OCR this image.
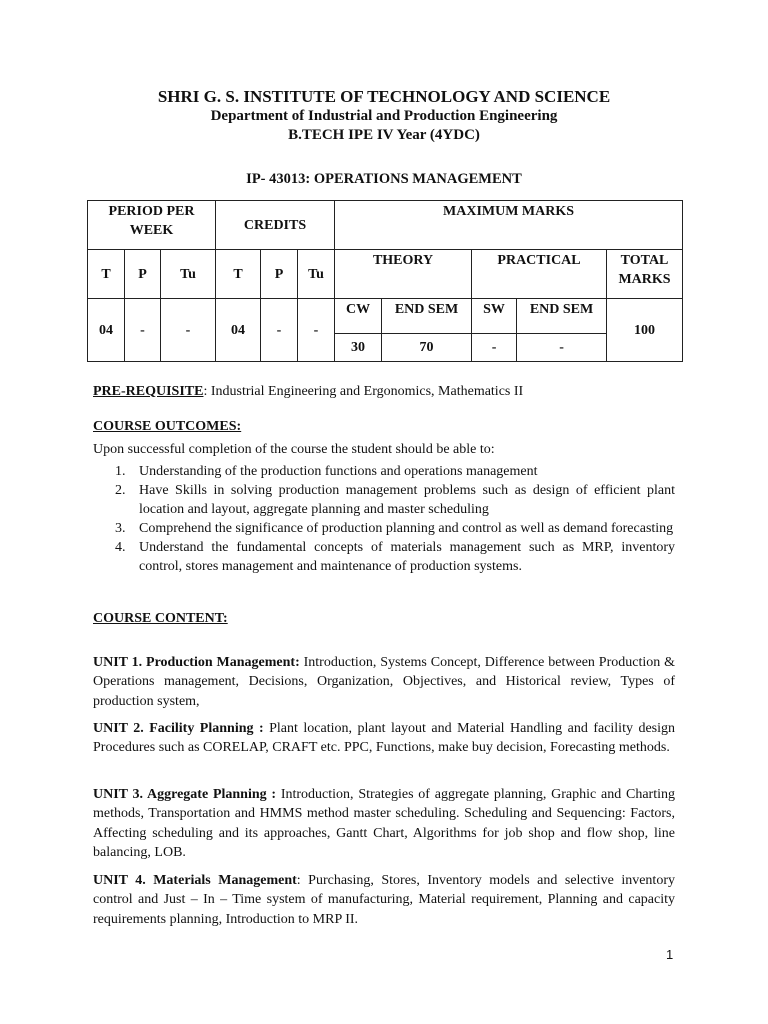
SHRI G. S. INSTITUTE OF TECHNOLOGY AND SCIENCE
Department of Industrial and Production Engineering
B.TECH IPE IV Year (4YDC)
IP- 43013: OPERATIONS MANAGEMENT
PERIOD PER WEEK			CREDITS			MAXIMUM MARKS				
T	P	Tu	T	P	Tu	THEORY		PRACTICAL		TOTAL MARKS
04	-	-	04	-	-	CW	END SEM	SW	END SEM	100
						30	70	-	-	
PRE-REQUISITE: Industrial Engineering and Ergonomics, Mathematics II
COURSE OUTCOMES:
Upon successful completion of the course the student should be able to:
1. Understanding of the production functions and operations management
2. Have Skills in solving production management problems such as design of efficient plant location and layout, aggregate planning and master scheduling
3. Comprehend the significance of production planning and control as well as demand forecasting
4. Understand the fundamental concepts of materials management such as MRP, inventory control, stores management and maintenance of production systems.
COURSE CONTENT:
UNIT 1. Production Management: Introduction, Systems Concept, Difference between Production & Operations management, Decisions, Organization, Objectives, and Historical review, Types of production system,
UNIT 2. Facility Planning : Plant location, plant layout and Material Handling and facility design Procedures such as CORELAP, CRAFT etc. PPC, Functions, make buy decision, Forecasting methods.
UNIT 3. Aggregate Planning : Introduction, Strategies of aggregate planning, Graphic and Charting methods, Transportation and HMMS method master scheduling. Scheduling and Sequencing: Factors, Affecting scheduling and its approaches, Gantt Chart, Algorithms for job shop and flow shop, line balancing, LOB.
UNIT 4. Materials Management: Purchasing, Stores, Inventory models and selective inventory control and Just – In – Time system of manufacturing, Material requirement, Planning and capacity requirements planning, Introduction to MRP II.
1
